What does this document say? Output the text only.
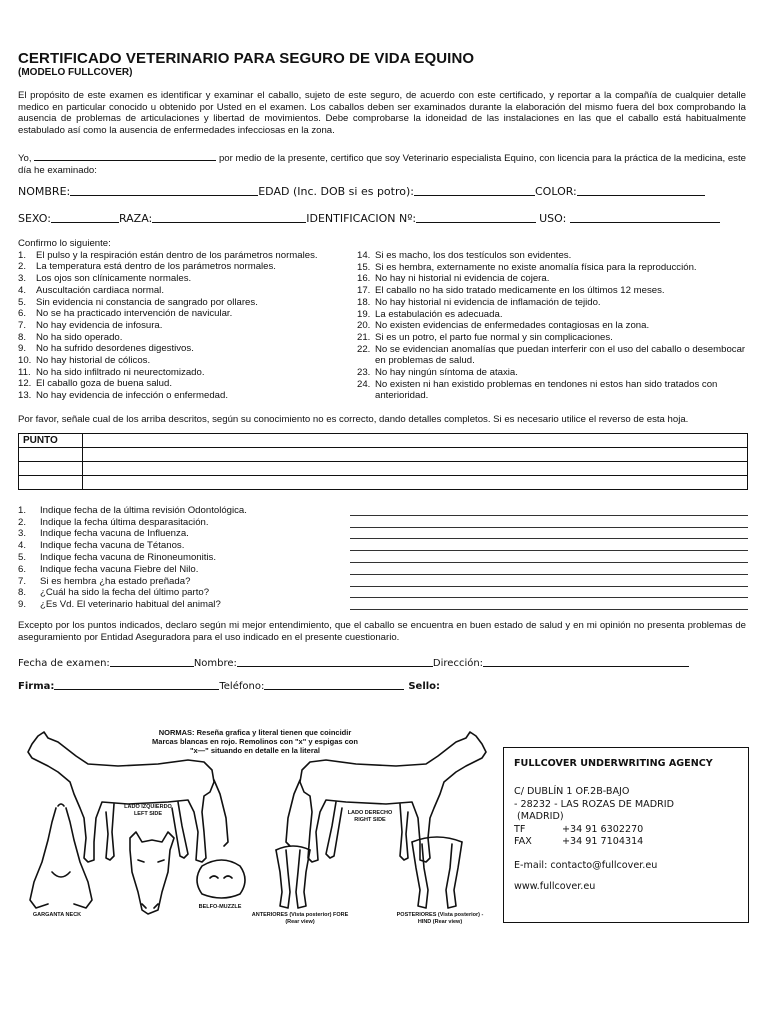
CERTIFICADO VETERINARIO PARA SEGURO DE VIDA EQUINO
(MODELO FULLCOVER)
El propósito de este examen es identificar y examinar el caballo, sujeto de este seguro, de acuerdo con este certificado, y reportar a la compañía de cualquier detalle medico en particular conocido u obtenido por Usted en el examen. Los caballos deben ser examinados durante la elaboración del mismo fuera del box comprobando la ausencia de problemas de articulaciones y libertad de movimientos. Debe comprobarse la idoneidad de las instalaciones en las que el caballo está habitualmente estabulado así como la ausencia de enfermedades infecciosas en la zona.
Yo,	por medio de la presente, certifico que soy Veterinario especialista Equino, con licencia para la práctica de la medicina, este día he examinado:
NOMBRE:	EDAD (Inc. DOB si es potro):	COLOR:
SEXO:	RAZA:	IDENTIFICACION Nº:	USO:
Confirmo lo siguiente:
1.	El pulso y la respiración están dentro de los parámetros normales.
2.	La temperatura está dentro de los parámetros normales.
3.	Los ojos son clínicamente normales.
4.	Auscultación cardiaca normal.
5.	Sin evidencia ni constancia de sangrado por ollares.
6.	No se ha practicado intervención de navicular.
7.	No hay evidencia de infosura.
8.	No ha sido operado.
9.	No ha sufrido desordenes digestivos.
10. No hay historial de cólicos.
11. No ha sido infiltrado ni neurectomizado.
12. El caballo goza de buena salud.
13. No hay evidencia de infección o enfermedad.
14. Si es macho, los dos testículos son evidentes.
15. Si es hembra, externamente no existe anomalía física para la reproducción.
16. No hay ni historial ni evidencia de cojera.
17. El caballo no ha sido tratado medicamente en los últimos 12 meses.
18. No hay historial ni evidencia de inflamación de tejido.
19. La estabulación es adecuada.
20. No existen evidencias de enfermedades contagiosas en la zona.
21. Si es un potro, el parto fue normal y sin complicaciones.
22. No se evidencian anomalías que puedan interferir con el uso del caballo o desembocar en problemas de salud.
23. No hay ningún síntoma de ataxia.
24. No existen ni han existido problemas en tendones ni estos han sido tratados con anterioridad.
Por favor, señale cual de los arriba descritos, según su conocimiento no es correcto, dando detalles completos. Si es necesario utilice el reverso de esta hoja.
PUNTO	

1.	Indique fecha de la última revisión Odontológica.
2.	Indique la fecha última desparasitación.
3.	Indique fecha vacuna de Influenza.
4.	Indique fecha vacuna de Tétanos.
5.	Indique fecha vacuna de Rinoneumonitis.
6.	Indique fecha vacuna Fiebre del Nilo.
7.	Si es hembra ¿ha estado preñada?
8.	¿Cuál ha sido la fecha del último parto?
9.	¿Es Vd. El veterinario habitual del animal?
Excepto por los puntos indicados, declaro según mi mejor entendimiento, que el caballo se encuentra en buen estado de salud y en mi opinión no presenta problemas de aseguramiento por Entidad Aseguradora para el uso indicado en el presente cuestionario.
Fecha de examen:	Nombre:	Dirección:
Firma:	Teléfono:	Sello:
NORMAS: Reseña grafica y literal tienen que coincidir Marcas blancas en rojo. Remolinos con "x" y espigas con "x—" situando en detalle en la literal
LADO IZQUIERDO LEFT SIDE	LADO DERECHO RIGHT SIDE
GARGANTA NECK
BELFO-MUZZLE
ANTERIORES (Vista posterior) FORE (Rear view)
POSTERIORES (Vista posterior) -HIND (Rear view)
FULLCOVER UNDERWRITING AGENCY
C/ DUBLÍN 1 OF.2B-BAJO
- 28232 - LAS ROZAS DE MADRID
(MADRID)
TF	+34 91 6302270
FAX	+34 91 7104314
E-mail: contacto@fullcover.eu
www.fullcover.eu
